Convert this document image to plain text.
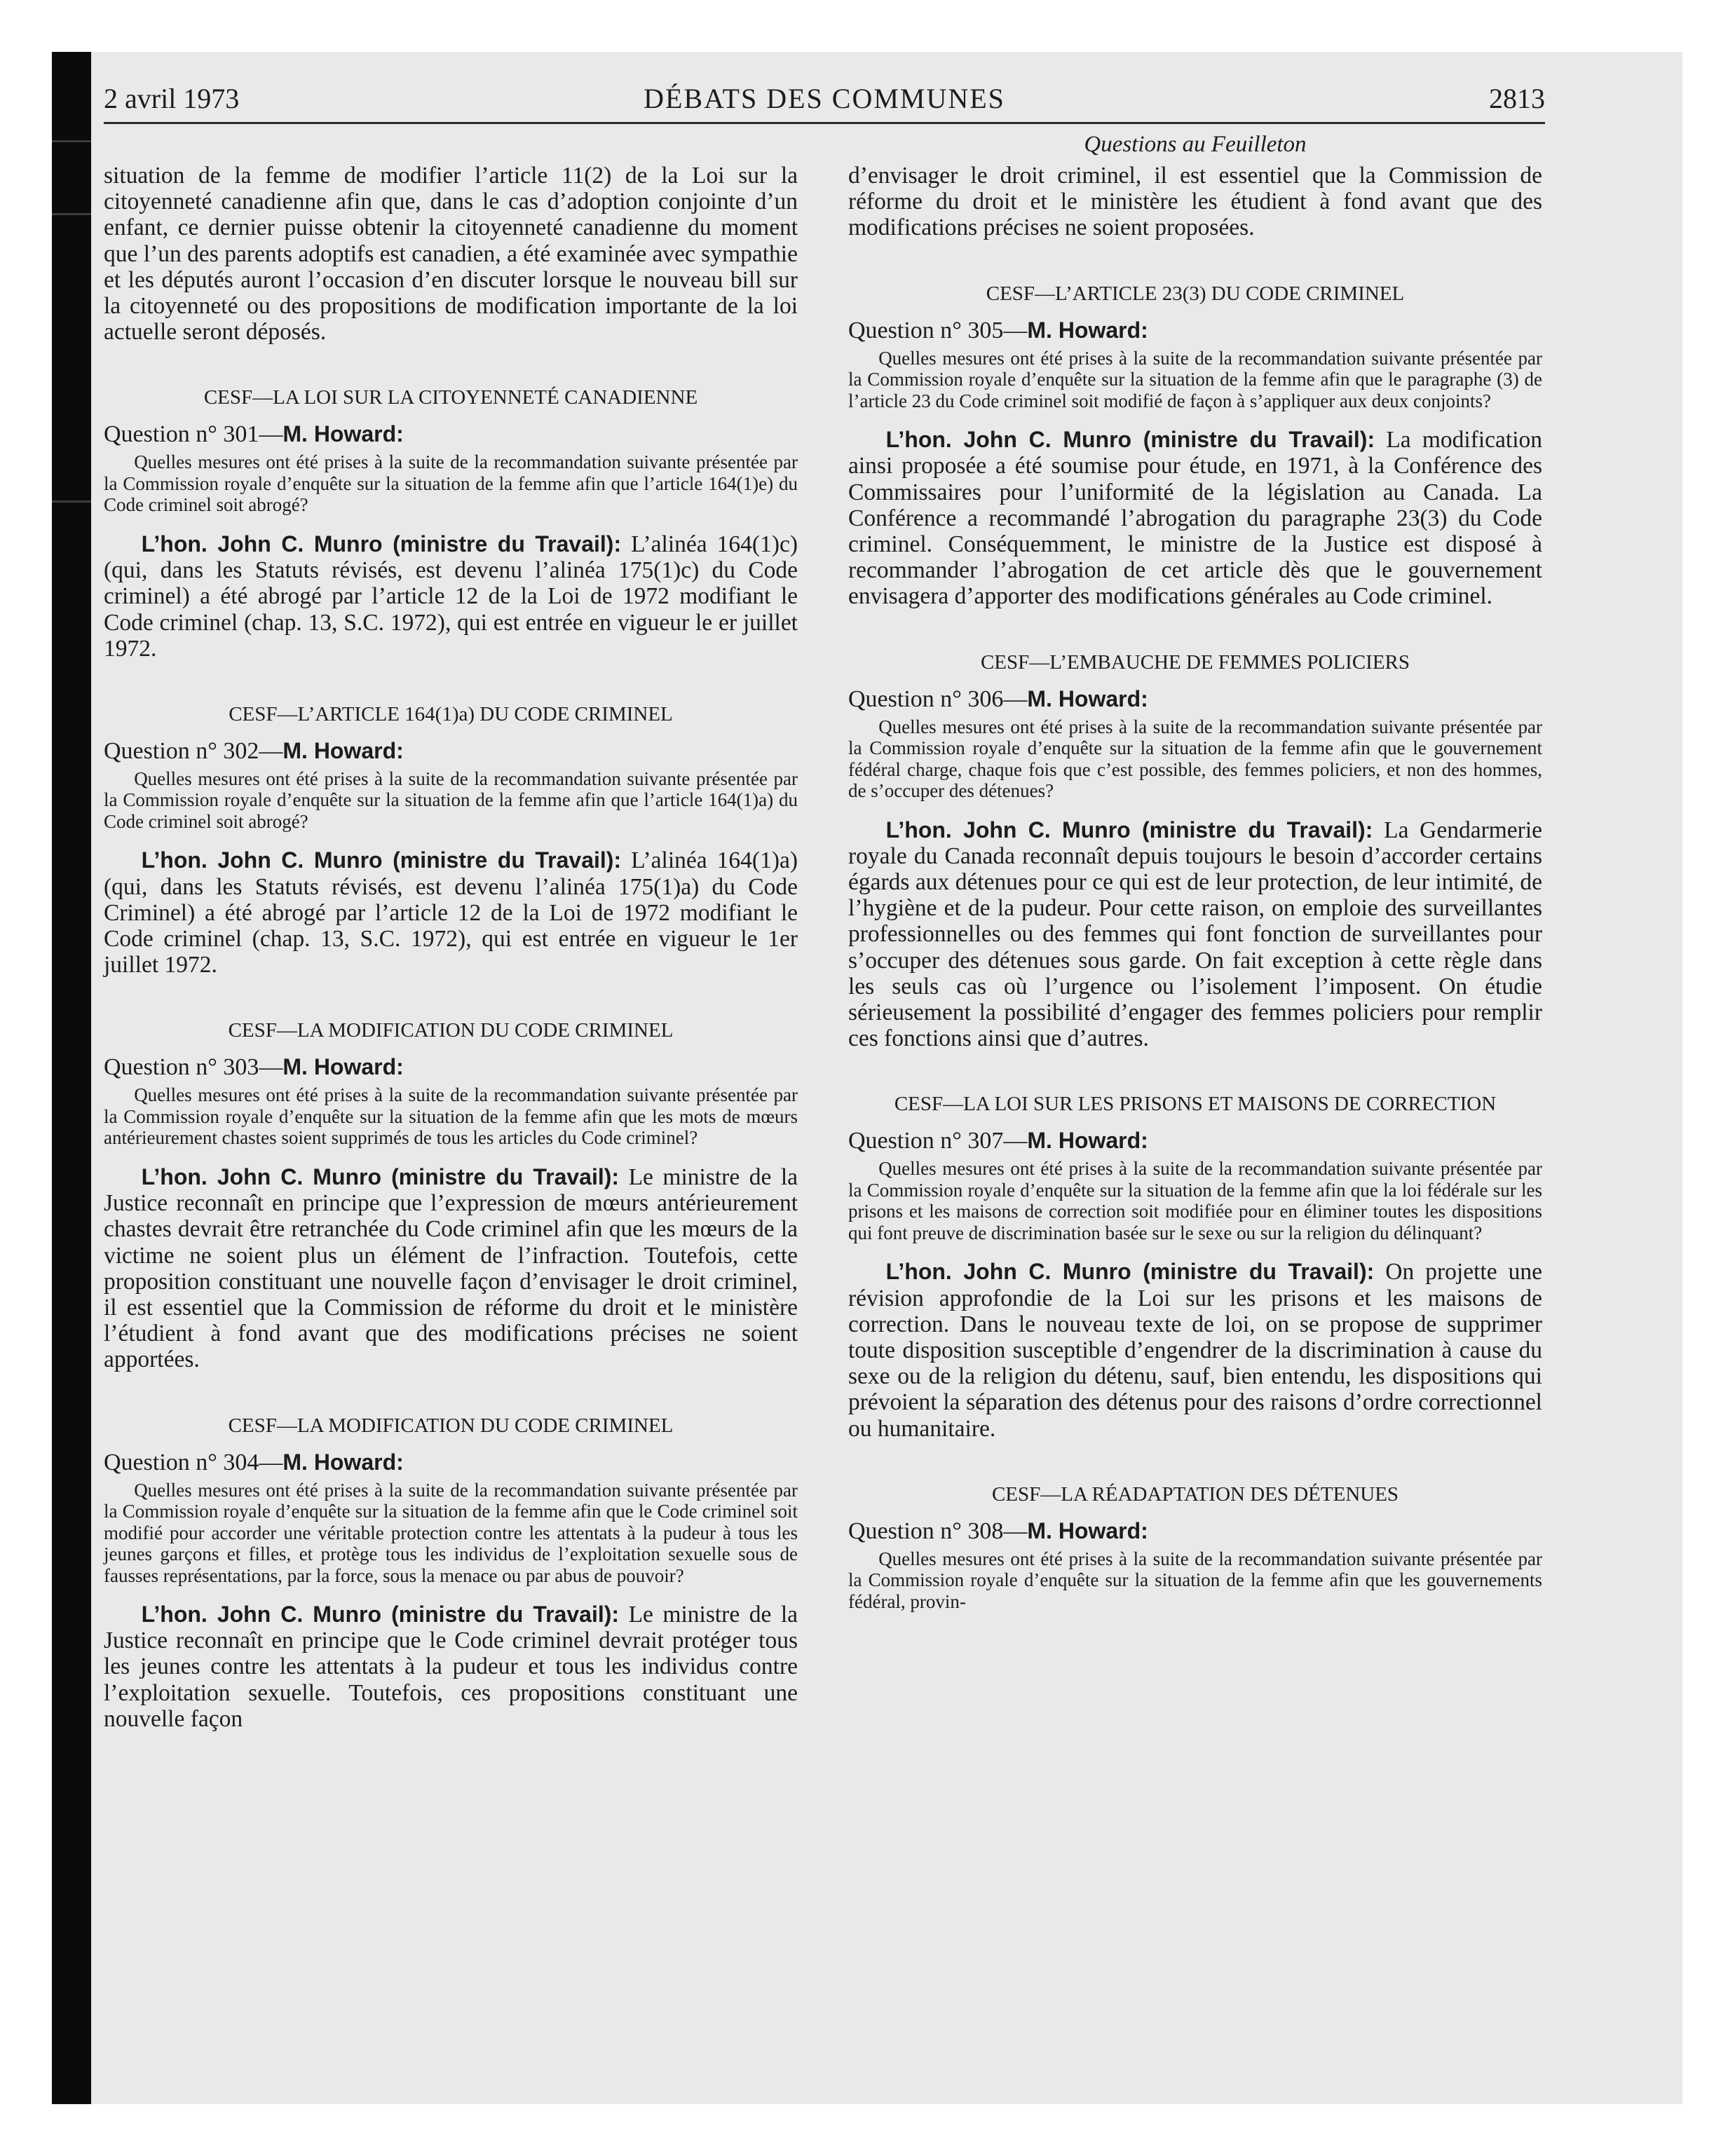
2 avril 1973	DÉBATS DES COMMUNES	2813
Questions au Feuilleton

situation de la femme de modifier l’article 11(2) de la Loi sur la citoyenneté canadienne afin que, dans le cas d’adoption conjointe d’un enfant, ce dernier puisse obtenir la citoyenneté canadienne du moment que l’un des parents adoptifs est canadien, a été examinée avec sympathie et les députés auront l’occasion d’en discuter lorsque le nouveau bill sur la citoyenneté ou des propositions de modification importante de la loi actuelle seront déposés.

CESF—LA LOI SUR LA CITOYENNETÉ CANADIENNE

Question n° 301—M. Howard:

Quelles mesures ont été prises à la suite de la recommandation suivante présentée par la Commission royale d’enquête sur la situation de la femme afin que l’article 164(1)e) du Code criminel soit abrogé?

L’hon. John C. Munro (ministre du Travail): L’alinéa 164(1)c) (qui, dans les Statuts révisés, est devenu l’alinéa 175(1)c) du Code criminel) a été abrogé par l’article 12 de la Loi de 1972 modifiant le Code criminel (chap. 13, S.C. 1972), qui est entrée en vigueur le er juillet 1972.

CESF—L’ARTICLE 164(1)a) DU CODE CRIMINEL

Question n° 302—M. Howard:

Quelles mesures ont été prises à la suite de la recommandation suivante présentée par la Commission royale d’enquête sur la situation de la femme afin que l’article 164(1)a) du Code criminel soit abrogé?

L’hon. John C. Munro (ministre du Travail): L’alinéa 164(1)a) (qui, dans les Statuts révisés, est devenu l’alinéa 175(1)a) du Code Criminel) a été abrogé par l’article 12 de la Loi de 1972 modifiant le Code criminel (chap. 13, S.C. 1972), qui est entrée en vigueur le 1er juillet 1972.

CESF—LA MODIFICATION DU CODE CRIMINEL

Question n° 303—M. Howard:

Quelles mesures ont été prises à la suite de la recommandation suivante présentée par la Commission royale d’enquête sur la situation de la femme afin que les mots de mœurs antérieurement chastes soient supprimés de tous les articles du Code criminel?

L’hon. John C. Munro (ministre du Travail): Le ministre de la Justice reconnaît en principe que l’expression de mœurs antérieurement chastes devrait être retranchée du Code criminel afin que les mœurs de la victime ne soient plus un élément de l’infraction. Toutefois, cette proposition constituant une nouvelle façon d’envisager le droit criminel, il est essentiel que la Commission de réforme du droit et le ministère l’étudient à fond avant que des modifications précises ne soient apportées.

CESF—LA MODIFICATION DU CODE CRIMINEL

Question n° 304—M. Howard:

Quelles mesures ont été prises à la suite de la recommandation suivante présentée par la Commission royale d’enquête sur la situation de la femme afin que le Code criminel soit modifié pour accorder une véritable protection contre les attentats à la pudeur à tous les jeunes garçons et filles, et protège tous les individus de l’exploitation sexuelle sous de fausses représentations, par la force, sous la menace ou par abus de pouvoir?

L’hon. John C. Munro (ministre du Travail): Le ministre de la Justice reconnaît en principe que le Code criminel devrait protéger tous les jeunes contre les attentats à la pudeur et tous les individus contre l’exploitation sexuelle. Toutefois, ces propositions constituant une nouvelle façon

d’envisager le droit criminel, il est essentiel que la Commission de réforme du droit et le ministère les étudient à fond avant que des modifications précises ne soient proposées.

CESF—L’ARTICLE 23(3) DU CODE CRIMINEL

Question n° 305—M. Howard:

Quelles mesures ont été prises à la suite de la recommandation suivante présentée par la Commission royale d’enquête sur la situation de la femme afin que le paragraphe (3) de l’article 23 du Code criminel soit modifié de façon à s’appliquer aux deux conjoints?

L’hon. John C. Munro (ministre du Travail): La modification ainsi proposée a été soumise pour étude, en 1971, à la Conférence des Commissaires pour l’uniformité de la législation au Canada. La Conférence a recommandé l’abrogation du paragraphe 23(3) du Code criminel. Conséquemment, le ministre de la Justice est disposé à recommander l’abrogation de cet article dès que le gouvernement envisagera d’apporter des modifications générales au Code criminel.

CESF—L’EMBAUCHE DE FEMMES POLICIERS

Question n° 306—M. Howard:

Quelles mesures ont été prises à la suite de la recommandation suivante présentée par la Commission royale d’enquête sur la situation de la femme afin que le gouvernement fédéral charge, chaque fois que c’est possible, des femmes policiers, et non des hommes, de s’occuper des détenues?

L’hon. John C. Munro (ministre du Travail): La Gendarmerie royale du Canada reconnaît depuis toujours le besoin d’accorder certains égards aux détenues pour ce qui est de leur protection, de leur intimité, de l’hygiène et de la pudeur. Pour cette raison, on emploie des surveillantes professionnelles ou des femmes qui font fonction de surveillantes pour s’occuper des détenues sous garde. On fait exception à cette règle dans les seuls cas où l’urgence ou l’isolement l’imposent. On étudie sérieusement la possibilité d’engager des femmes policiers pour remplir ces fonctions ainsi que d’autres.

CESF—LA LOI SUR LES PRISONS ET MAISONS DE CORRECTION

Question n° 307—M. Howard:

Quelles mesures ont été prises à la suite de la recommandation suivante présentée par la Commission royale d’enquête sur la situation de la femme afin que la loi fédérale sur les prisons et les maisons de correction soit modifiée pour en éliminer toutes les dispositions qui font preuve de discrimination basée sur le sexe ou sur la religion du délinquant?

L’hon. John C. Munro (ministre du Travail): On projette une révision approfondie de la Loi sur les prisons et les maisons de correction. Dans le nouveau texte de loi, on se propose de supprimer toute disposition susceptible d’engendrer de la discrimination à cause du sexe ou de la religion du détenu, sauf, bien entendu, les dispositions qui prévoient la séparation des détenus pour des raisons d’ordre correctionnel ou humanitaire.

CESF—LA RÉADAPTATION DES DÉTENUES

Question n° 308—M. Howard:

Quelles mesures ont été prises à la suite de la recommandation suivante présentée par la Commission royale d’enquête sur la situation de la femme afin que les gouvernements fédéral, provin-
